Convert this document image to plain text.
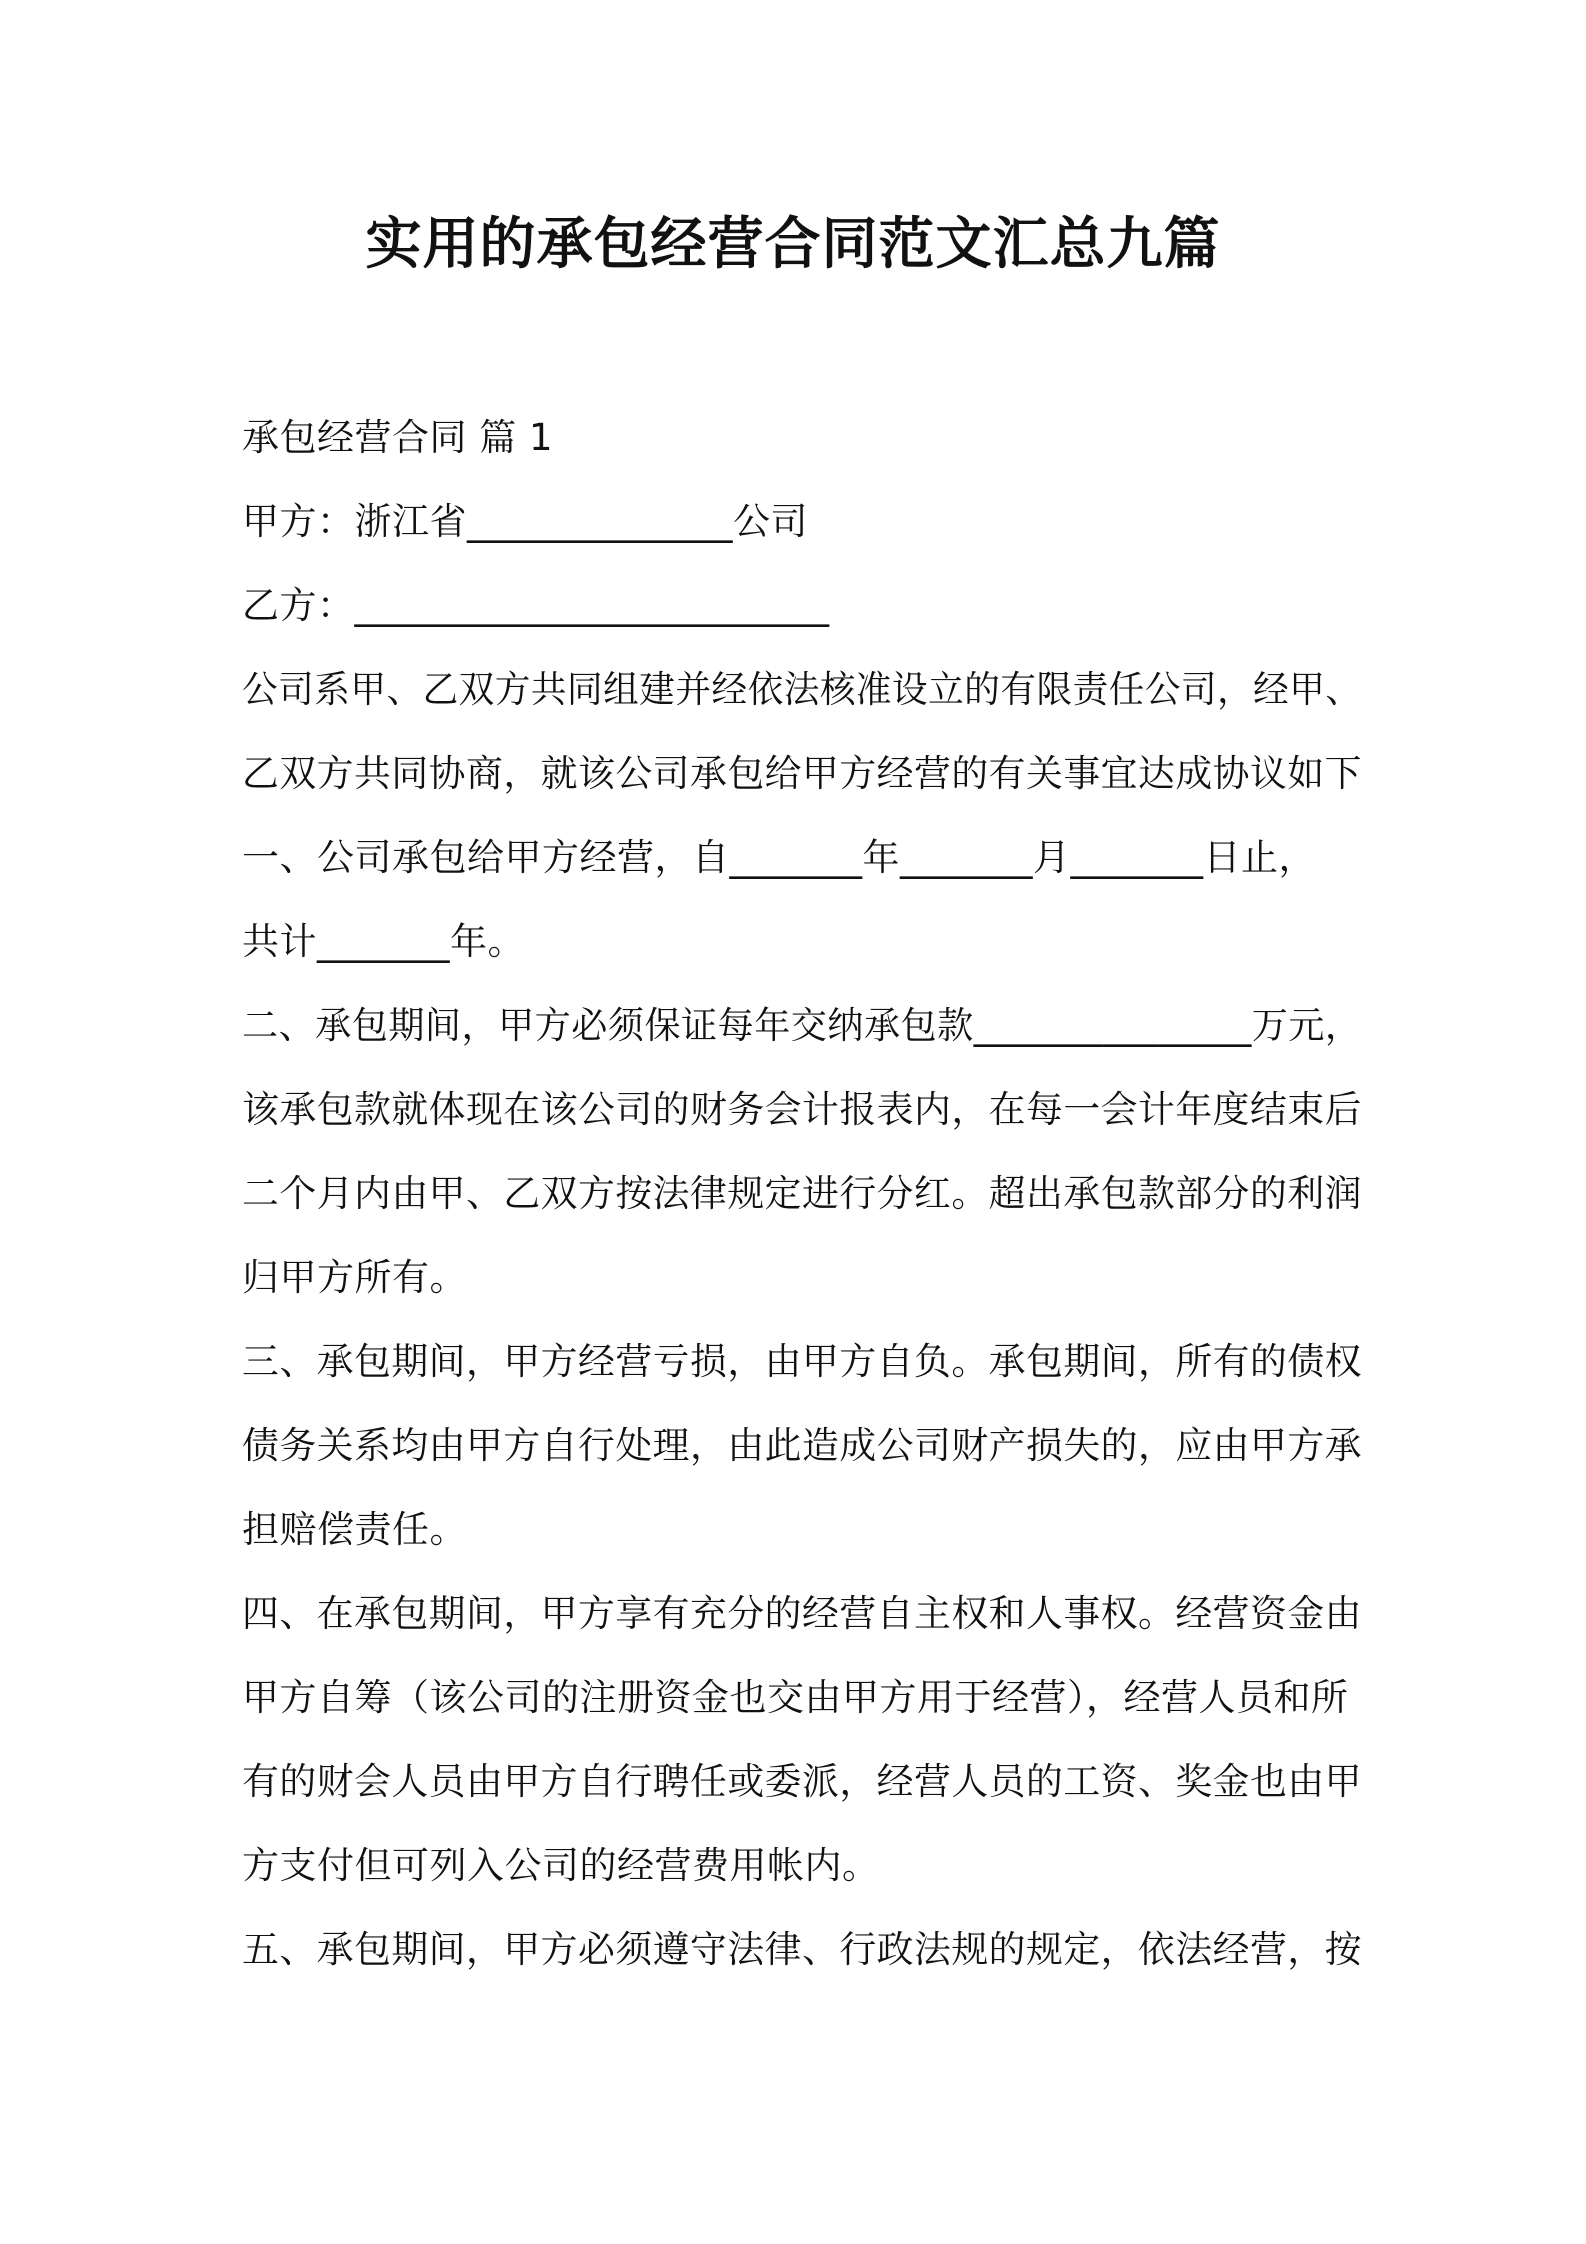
实用的承包经营合同范文汇总九篇
承包经营合同 篇 1
甲方：浙江省______________公司
乙方：_________________________
公司系甲、乙双方共同组建并经依法核准设立的有限责任公司，经甲、
乙双方共同协商，就该公司承包给甲方经营的有关事宜达成协议如下
一、公司承包给甲方经营，自_______年_______月_______日止，
共计_______年。
二、承包期间，甲方必须保证每年交纳承包款_______________万元，
该承包款就体现在该公司的财务会计报表内，在每一会计年度结束后
二个月内由甲、乙双方按法律规定进行分红。超出承包款部分的利润
归甲方所有。
三、承包期间，甲方经营亏损，由甲方自负。承包期间，所有的债权
债务关系均由甲方自行处理，由此造成公司财产损失的，应由甲方承
担赔偿责任。
四、在承包期间，甲方享有充分的经营自主权和人事权。经营资金由
甲方自筹（该公司的注册资金也交由甲方用于经营），经营人员和所
有的财会人员由甲方自行聘任或委派，经营人员的工资、奖金也由甲
方支付但可列入公司的经营费用帐内。
五、承包期间，甲方必须遵守法律、行政法规的规定，依法经营，按
